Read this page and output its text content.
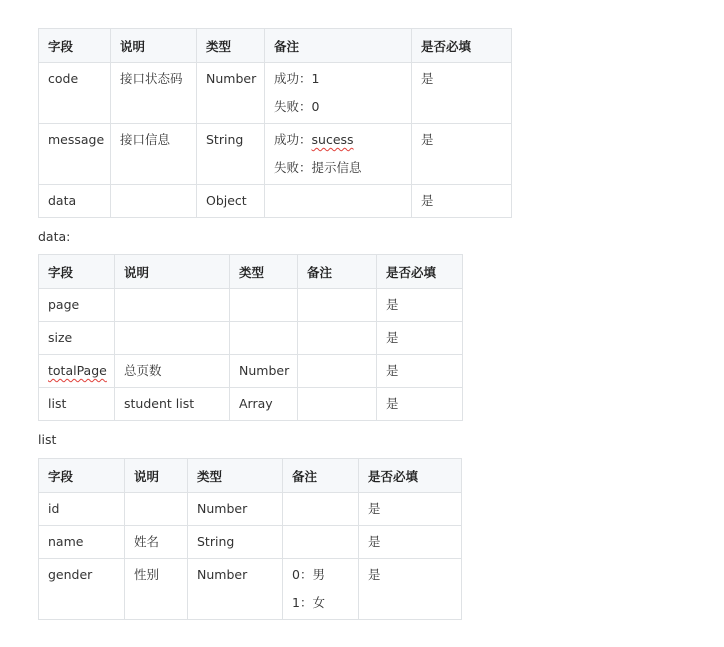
字段	说明	类型	备注	是否必填

code	接口状态码	Number	成功：1
失败：0	是

message	接口信息	String	成功：sucess
失败：提示信息	是

data		Object		是
data:
字段	说明	类型	备注	是否必填

page				是

size				是

totalPage	总页数	Number		是

list	student list	Array		是
list
字段	说明	类型	备注	是否必填

id		Number		是

name	姓名	String		是

gender	性别	Number	0：男
1：女	是
